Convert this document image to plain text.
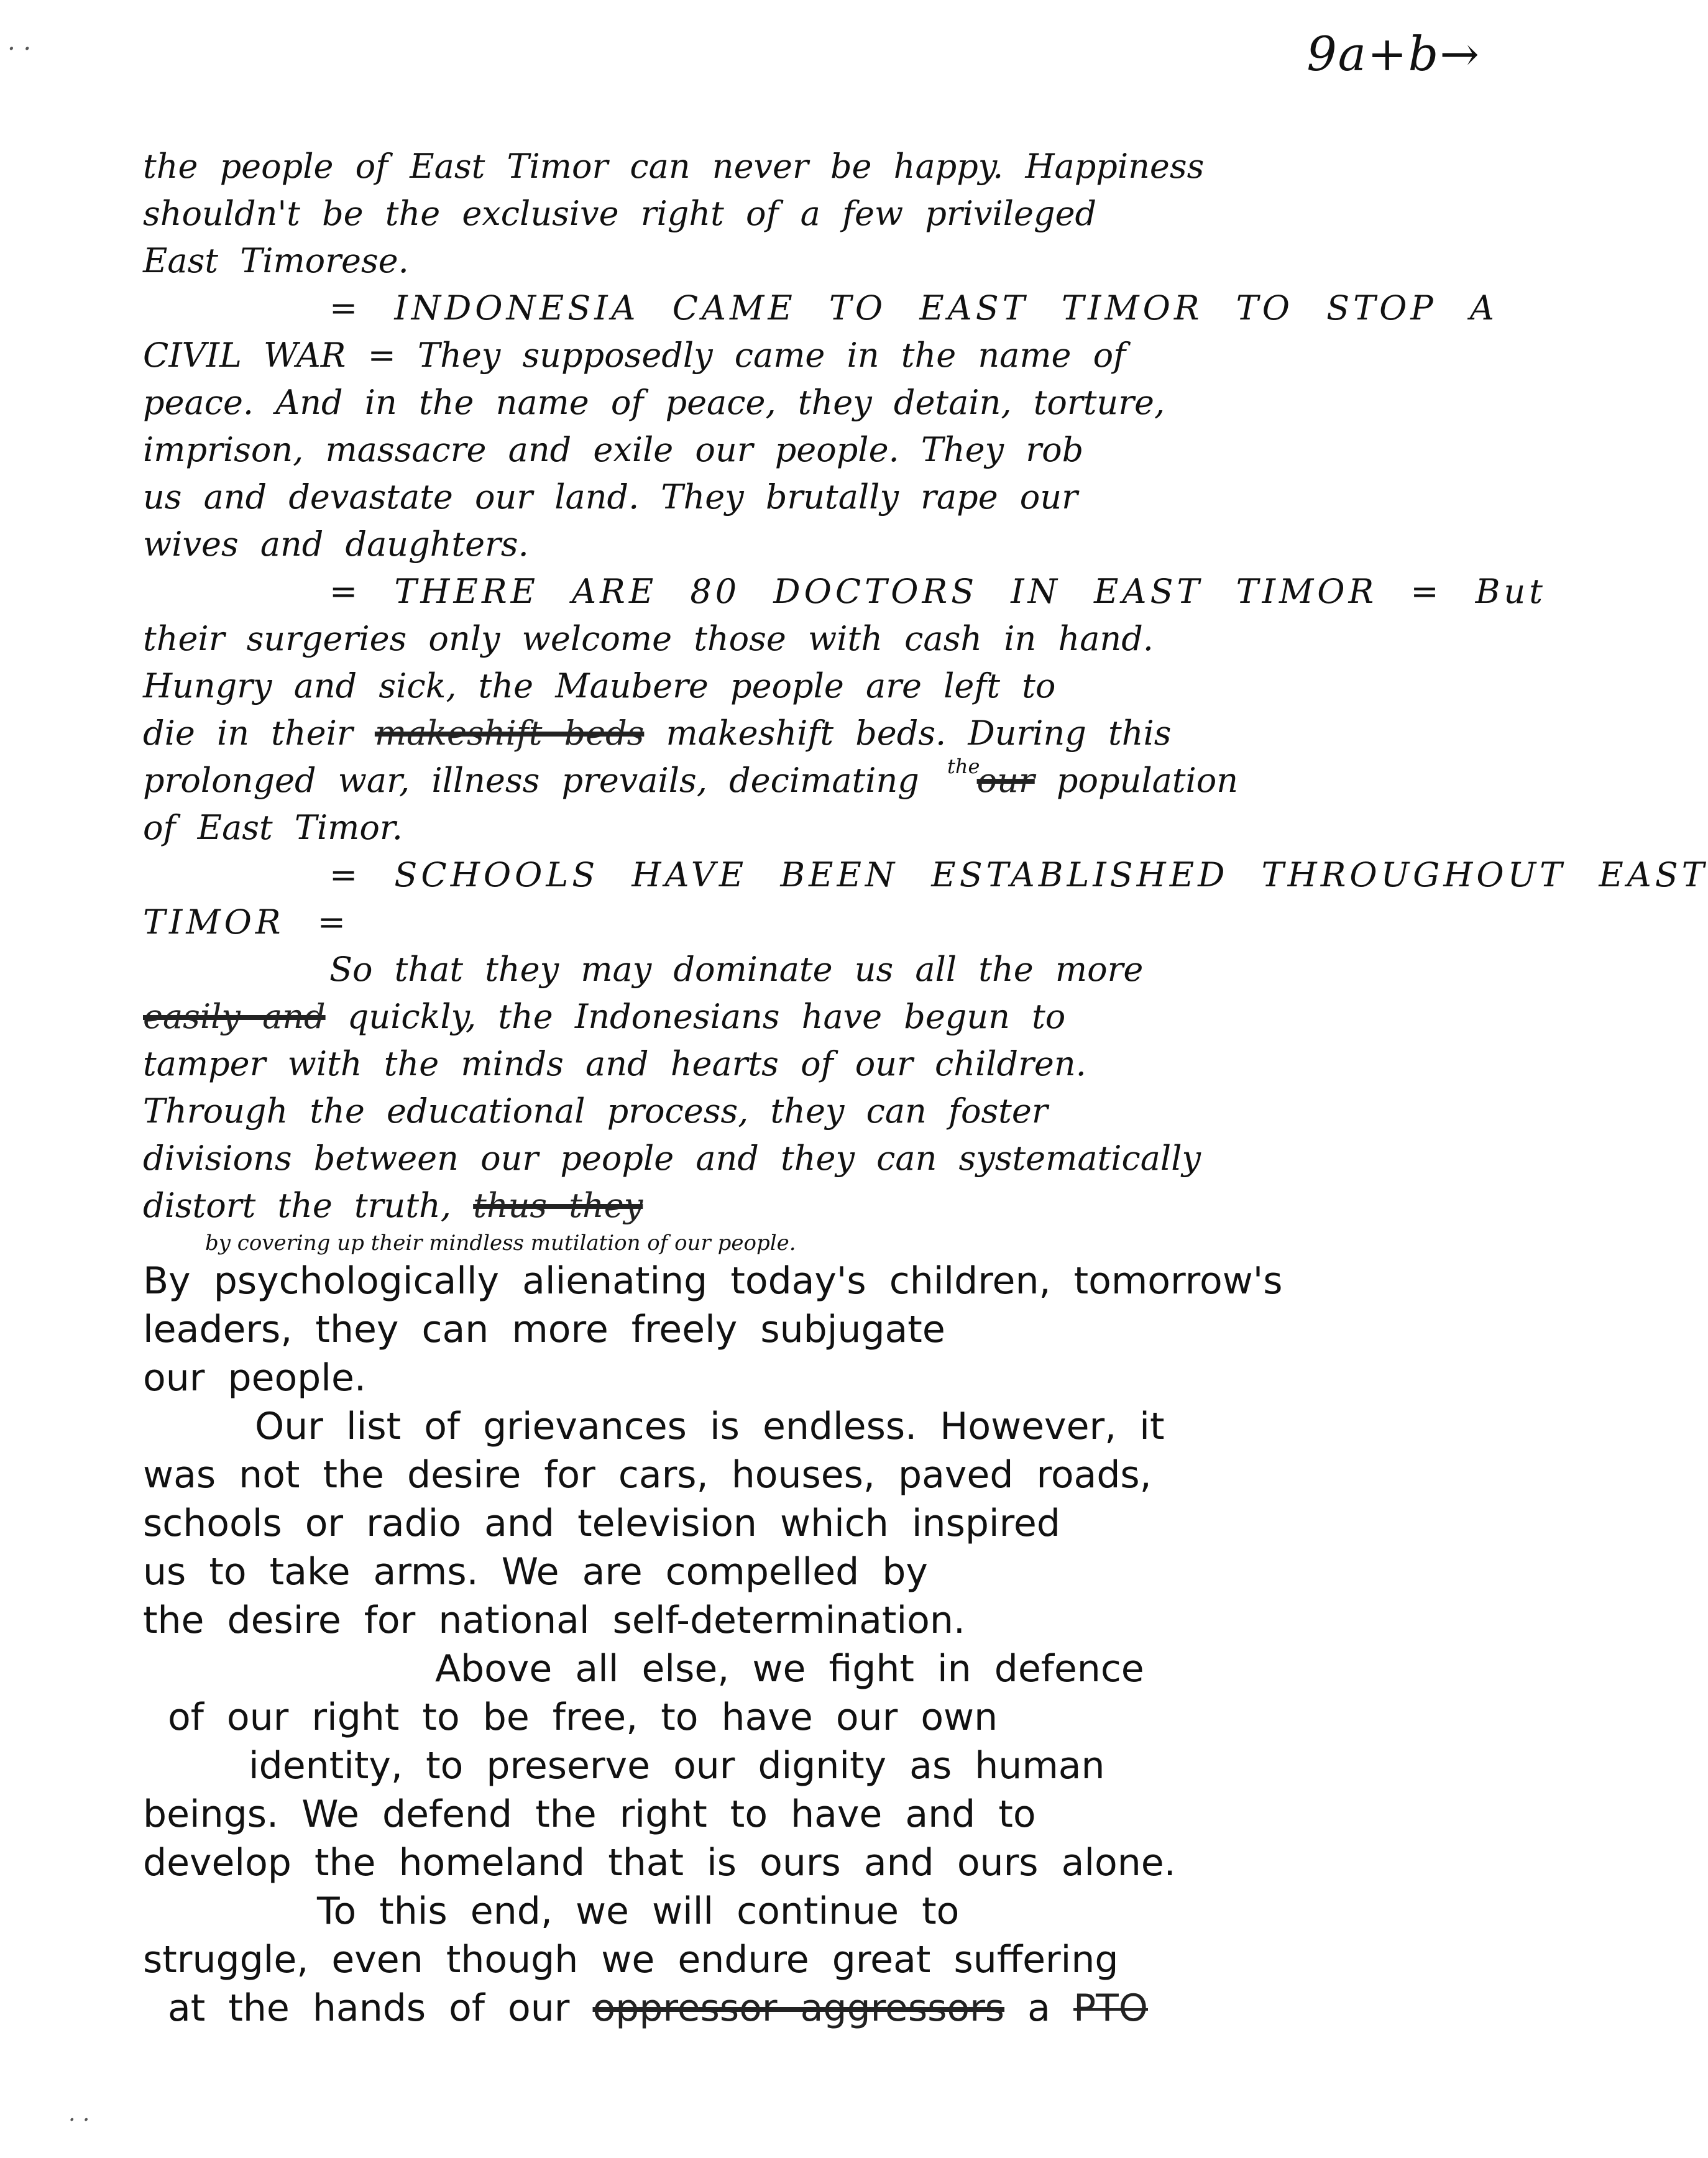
. .	9a+b→
the people of East Timor can never be happy. Happiness
shouldn't be the exclusive right of a few privileged
East Timorese.
= INDONESIA CAME TO EAST TIMOR TO STOP A
CIVIL WAR = They supposedly came in the name of
peace. And in the name of peace, they detain, torture,
imprison, massacre and exile our people. They rob
us and devastate our land. They brutally rape our
wives and daughters.
= THERE ARE 80 DOCTORS IN EAST TIMOR = But
their surgeries only welcome those with cash in hand.
Hungry and sick, the Maubere people are left to
die in their makeshift beds makeshift beds. During this
prolonged war, illness prevails, decimating $^{the}$ our population
of East Timor.
= SCHOOLS HAVE BEEN ESTABLISHED THROUGHOUT EAST
TIMOR =
So that they may dominate us all the more
easily and quickly, the Indonesians have begun to
tamper with the minds and hearts of our children.
Through the educational process, they can foster
divisions between our people and they can systematically
distort the truth, thus they
by covering up their mindless mutilation of our people.
By psychologically alienating today's children, tomorrow's
leaders, they can more freely subjugate
our people.
Our list of grievances is endless. However, it
was not the desire for cars, houses, paved roads,
schools or radio and television which inspired
us to take arms. We are compelled by
the desire for national self-determination.
Above all else, we fight in defence
of our right to be free, to have our own
identity, to preserve our dignity as human
beings. We defend the right to have and to
develop the homeland that is ours and ours alone.
To this end, we will continue to
struggle, even though we endure great suffering
at the hands of our oppressor aggressors a PTO
. .
